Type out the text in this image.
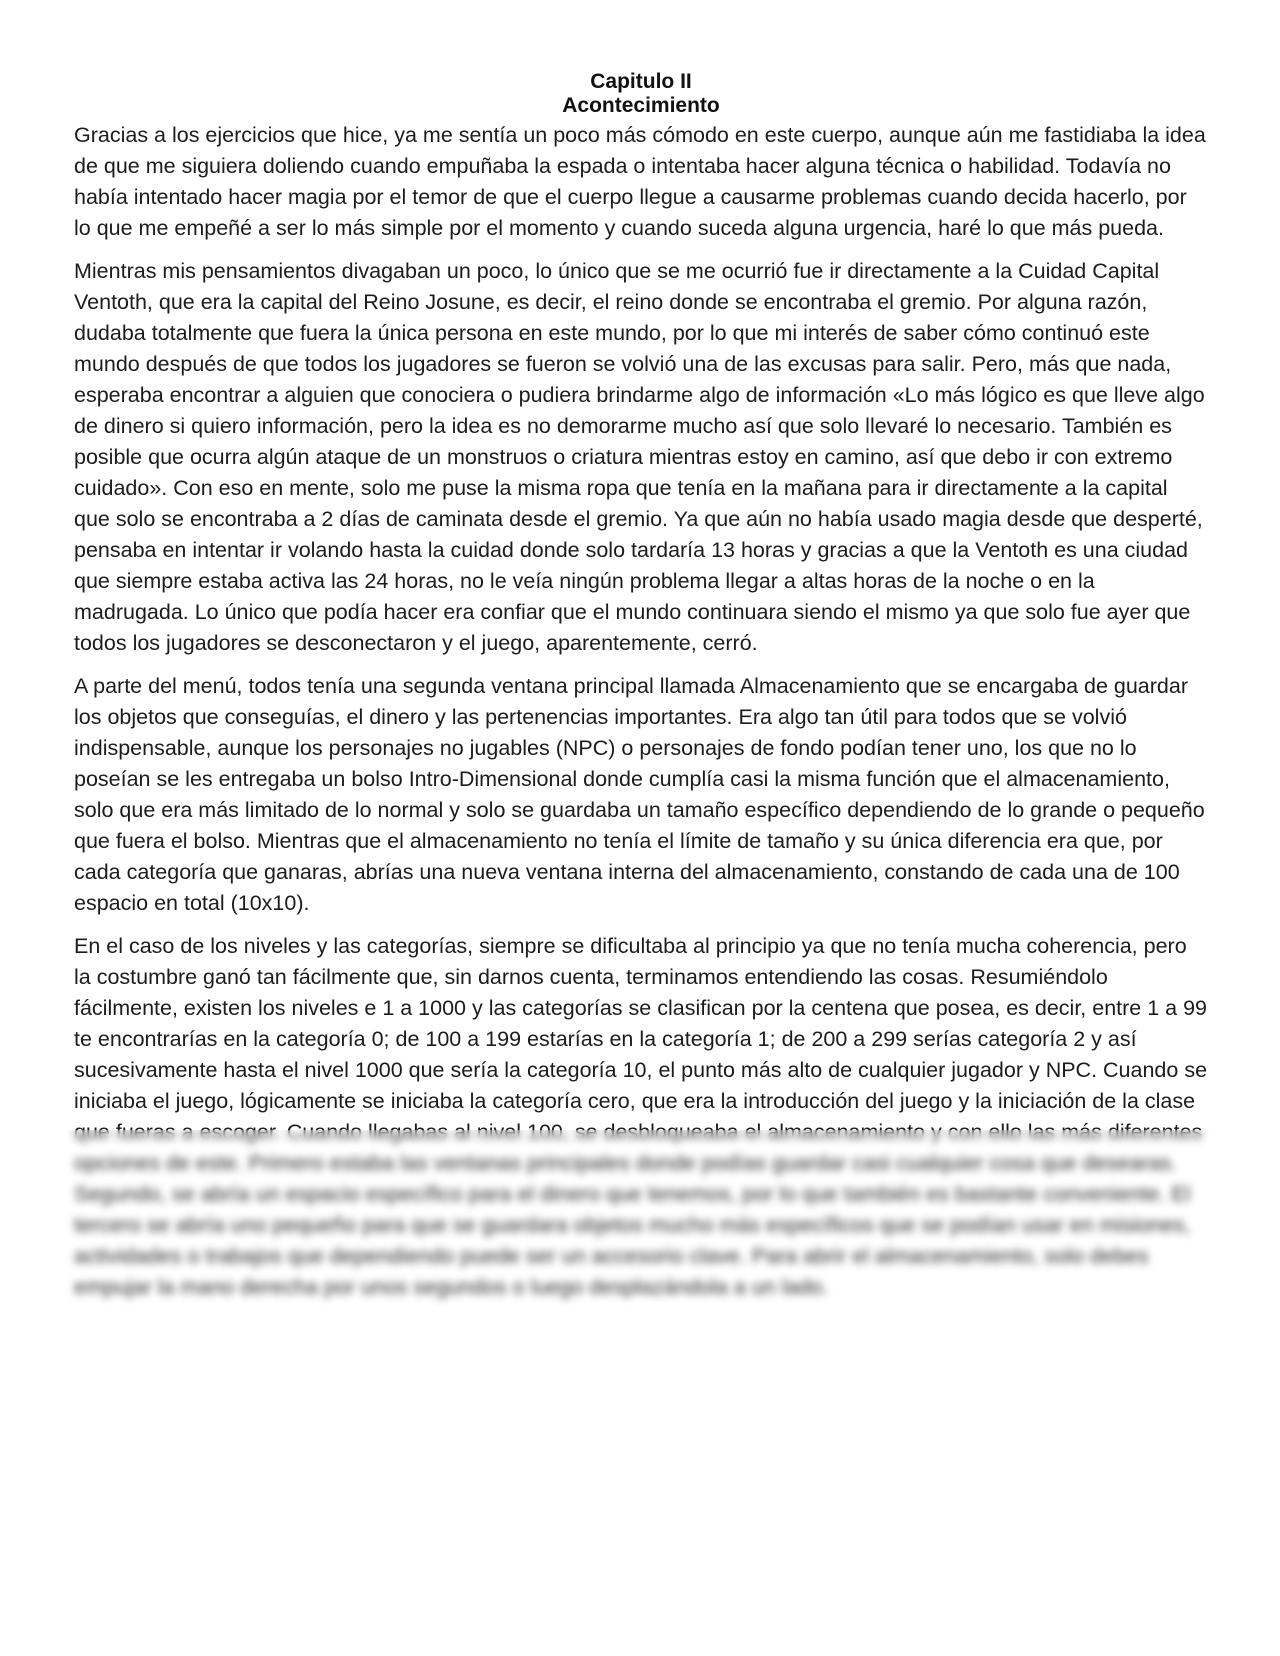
Capitulo II
Acontecimiento

Gracias a los ejercicios que hice, ya me sentía un poco más cómodo en este cuerpo, aunque aún me fastidiaba la idea de que me siguiera doliendo cuando empuñaba la espada o intentaba hacer alguna técnica o habilidad. Todavía no había intentado hacer magia por el temor de que el cuerpo llegue a causarme problemas cuando decida hacerlo, por lo que me empeñé a ser lo más simple por el momento y cuando suceda alguna urgencia, haré lo que más pueda.

Mientras mis pensamientos divagaban un poco, lo único que se me ocurrió fue ir directamente a la Cuidad Capital Ventoth, que era la capital del Reino Josune, es decir, el reino donde se encontraba el gremio. Por alguna razón, dudaba totalmente que fuera la única persona en este mundo, por lo que mi interés de saber cómo continuó este mundo después de que todos los jugadores se fueron se volvió una de las excusas para salir. Pero, más que nada, esperaba encontrar a alguien que conociera o pudiera brindarme algo de información «Lo más lógico es que lleve algo de dinero si quiero información, pero la idea es no demorarme mucho así que solo llevaré lo necesario. También es posible que ocurra algún ataque de un monstruos o criatura mientras estoy en camino, así que debo ir con extremo cuidado». Con eso en mente, solo me puse la misma ropa que tenía en la mañana para ir directamente a la capital que solo se encontraba a 2 días de caminata desde el gremio. Ya que aún no había usado magia desde que desperté, pensaba en intentar ir volando hasta la cuidad donde solo tardaría 13 horas y gracias a que la Ventoth es una ciudad que siempre estaba activa las 24 horas, no le veía ningún problema llegar a altas horas de la noche o en la madrugada. Lo único que podía hacer era confiar que el mundo continuara siendo el mismo ya que solo fue ayer que todos los jugadores se desconectaron y el juego, aparentemente, cerró.

A parte del menú, todos tenía una segunda ventana principal llamada Almacenamiento que se encargaba de guardar los objetos que conseguías, el dinero y las pertenencias importantes. Era algo tan útil para todos que se volvió indispensable, aunque los personajes no jugables (NPC) o personajes de fondo podían tener uno, los que no lo poseían se les entregaba un bolso Intro-Dimensional donde cumplía casi la misma función que el almacenamiento, solo que era más limitado de lo normal y solo se guardaba un tamaño específico dependiendo de lo grande o pequeño que fuera el bolso. Mientras que el almacenamiento no tenía el límite de tamaño y su única diferencia era que, por cada categoría que ganaras, abrías una nueva ventana interna del almacenamiento, constando de cada una de 100 espacio en total (10x10).

En el caso de los niveles y las categorías, siempre se dificultaba al principio ya que no tenía mucha coherencia, pero la costumbre ganó tan fácilmente que, sin darnos cuenta, terminamos entendiendo las cosas. Resumiéndolo fácilmente, existen los niveles e 1 a 1000 y las categorías se clasifican por la centena que posea, es decir, entre 1 a 99 te encontrarías en la categoría 0; de 100 a 199 estarías en la categoría 1; de 200 a 299 serías categoría 2 y así sucesivamente hasta el nivel 1000 que sería la categoría 10, el punto más alto de cualquier jugador y NPC. Cuando se iniciaba el juego, lógicamente se iniciaba la categoría cero, que era la introducción del juego y la iniciación de la clase que fueras a escoger. Cuando llegabas al nivel 100, se desbloqueaba el almacenamiento y con ello las más diferentes opciones de este. Primero estaba las ventanas principales donde podías guardar casi cualquier cosa que desearas. Segundo, se abría un espacio específico para el dinero que tenemos, por lo que también es bastante conveniente. El tercero se abría uno pequeño para que se guardara objetos mucho más específicos que se podían usar en misiones, actividades o trabajos que dependiendo puede ser un accesorio clave. Para abrir el almacenamiento, solo debes empujar la mano derecha por unos segundos o luego desplazándola a un lado.
